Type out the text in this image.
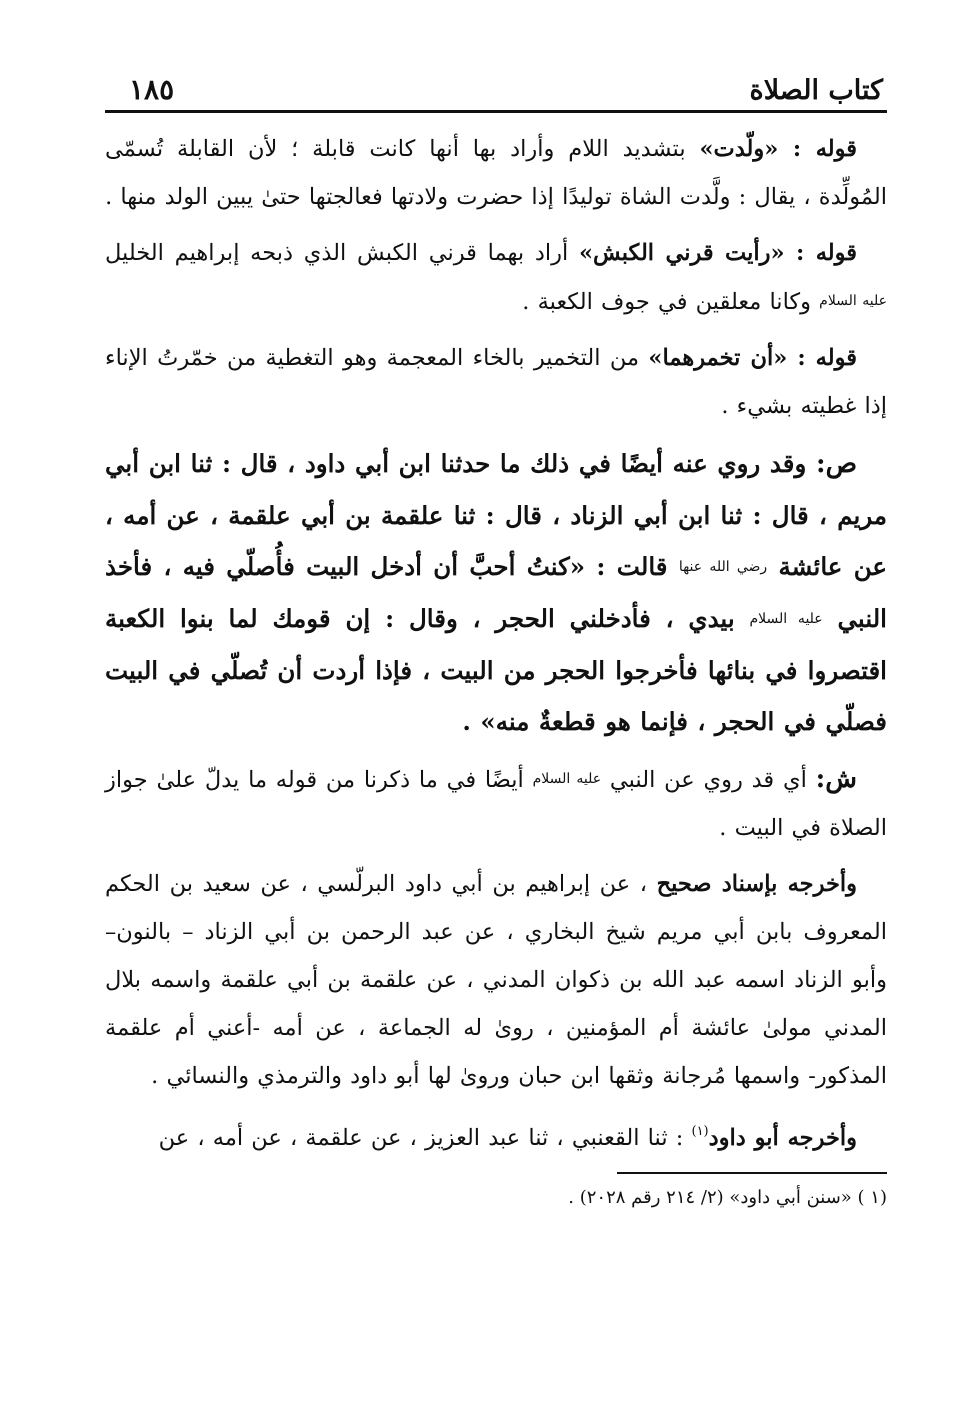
كتاب الصلاة
١٨٥

قوله : «ولّدت» بتشديد اللام وأراد بها أنها كانت قابلة ؛ لأن القابلة تُسمّى المُولِّدة ، يقال : ولَّدت الشاة توليدًا إذا حضرت ولادتها فعالجتها حتىٰ يبين الولد منها .

قوله : «رأيت قرني الكبش» أراد بهما قرني الكبش الذي ذبحه إبراهيم الخليل عليه السلام وكانا معلقين في جوف الكعبة .

قوله : «أن تخمرهما» من التخمير بالخاء المعجمة وهو التغطية من خمّرتُ الإناء إذا غطيته بشيء .

ص: وقد روي عنه أيضًا في ذلك ما حدثنا ابن أبي داود ، قال : ثنا ابن أبي مريم ، قال : ثنا ابن أبي الزناد ، قال : ثنا علقمة بن أبي علقمة ، عن أمه ، عن عائشة رضي الله عنها قالت : «كنتُ أحبَّ أن أدخل البيت فأُصلّي فيه ، فأخذ النبي عليه السلام بيدي ، فأدخلني الحجر ، وقال : إن قومك لما بنوا الكعبة اقتصروا في بنائها فأخرجوا الحجر من البيت ، فإذا أردت أن تُصلّي في البيت فصلّي في الحجر ، فإنما هو قطعةٌ منه» .

ش: أي قد روي عن النبي عليه السلام أيضًا في ما ذكرنا من قوله ما يدلّ علىٰ جواز الصلاة في البيت .

وأخرجه بإسناد صحيح ، عن إبراهيم بن أبي داود البرلّسي ، عن سعيد بن الحكم المعروف بابن أبي مريم شيخ البخاري ، عن عبد الرحمن بن أبي الزناد – بالنون– وأبو الزناد اسمه عبد الله بن ذكوان المدني ، عن علقمة بن أبي علقمة واسمه بلال المدني مولىٰ عائشة أم المؤمنين ، روىٰ له الجماعة ، عن أمه -أعني أم علقمة المذكور- واسمها مُرجانة وثقها ابن حبان وروىٰ لها أبو داود والترمذي والنسائي .

وأخرجه أبو داود$^{(١)}$ : ثنا القعنبي ، ثنا عبد العزيز ، عن علقمة ، عن أمه ، عن

(١ ) «سنن أبي داود» (٢/ ٢١٤ رقم ٢٠٢٨) .
